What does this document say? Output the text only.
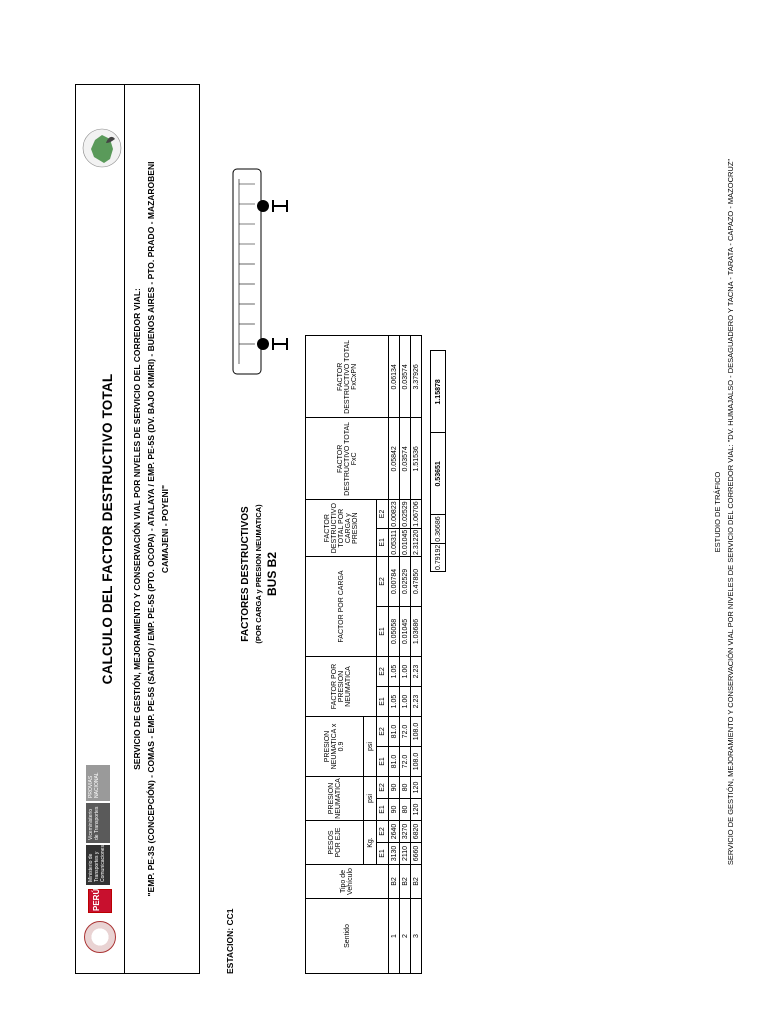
PERÚ
Ministerio de Transportes y Comunicaciones
Viceministerio de Transportes
PROVIAS NACIONAL
CALCULO DEL FACTOR DESTRUCTIVO TOTAL SERVICIO DE GESTIÓN, MEJORAMIENTO Y CONSERVACIÓN VIAL POR NIVELES DE SERVICIO DEL CORREDOR VIAL: "EMP. PE-3S (CONCEPCIÓN) - COMAS - EMP. PE-5S (SATIPO) / EMP. PE-5S (PTO. OCOPA) - ATALAYA / EMP. PE-5S (DV. BAJO KIMIRI) - BUENOS AIRES - PTO. PRADO - MAZAROBENI CAMAJENI - POYENI"
ESTACION: CC1
FACTORES DESTRUCTIVOS (POR CARGA y PRESION NEUMATICA) BUS B2
Sentido	Tipo de Vehículo	PESOS POR EJE		PRESION NEUMATICA		PRESION NEUMATICA x 0.9		FACTOR POR PRESION NEUMATICA		FACTOR POR CARGA		FACTOR DESTRUCTIVO TOTAL POR CARGA y PRESION		FACTOR DESTRUCTIVO TOTAL FxC	FACTOR DESTRUCTIVO TOTAL FxCxPN
		Kg.		psi		psi									
		E1	E2	E1	E2	E1	E2	E1	E2	E1	E2	E1	E2		
1	B2	3130	2640	90	90	81.0	81.0	1.05	1.05	0.05058	0.00784	0.05311	0.00823	0.05842	0.06134
2	B2	2110	3270	80	80	72.0	72.0	1.00	1.00	0.01045	0.02529	0.01045	0.02529	0.03574	0.03574
3	B2	6660	6820	120	120	108.0	108.0	2.23	2.23	1.03686	0.47850	2.31220	1.06706	1.51536	3.37926
0.79192	0.36686	0.53651	1.15878
ESTUDIO DE TRÁFICO SERVICIO DE GESTIÓN, MEJORAMIENTO Y CONSERVACIÓN VIAL POR NIVELES DE SERVICIO DEL CORREDOR VIAL: "DV. HUMAJALSO - DESAGUADERO Y TACNA - TARATA - CAPAZO - MAZOCRUZ"
